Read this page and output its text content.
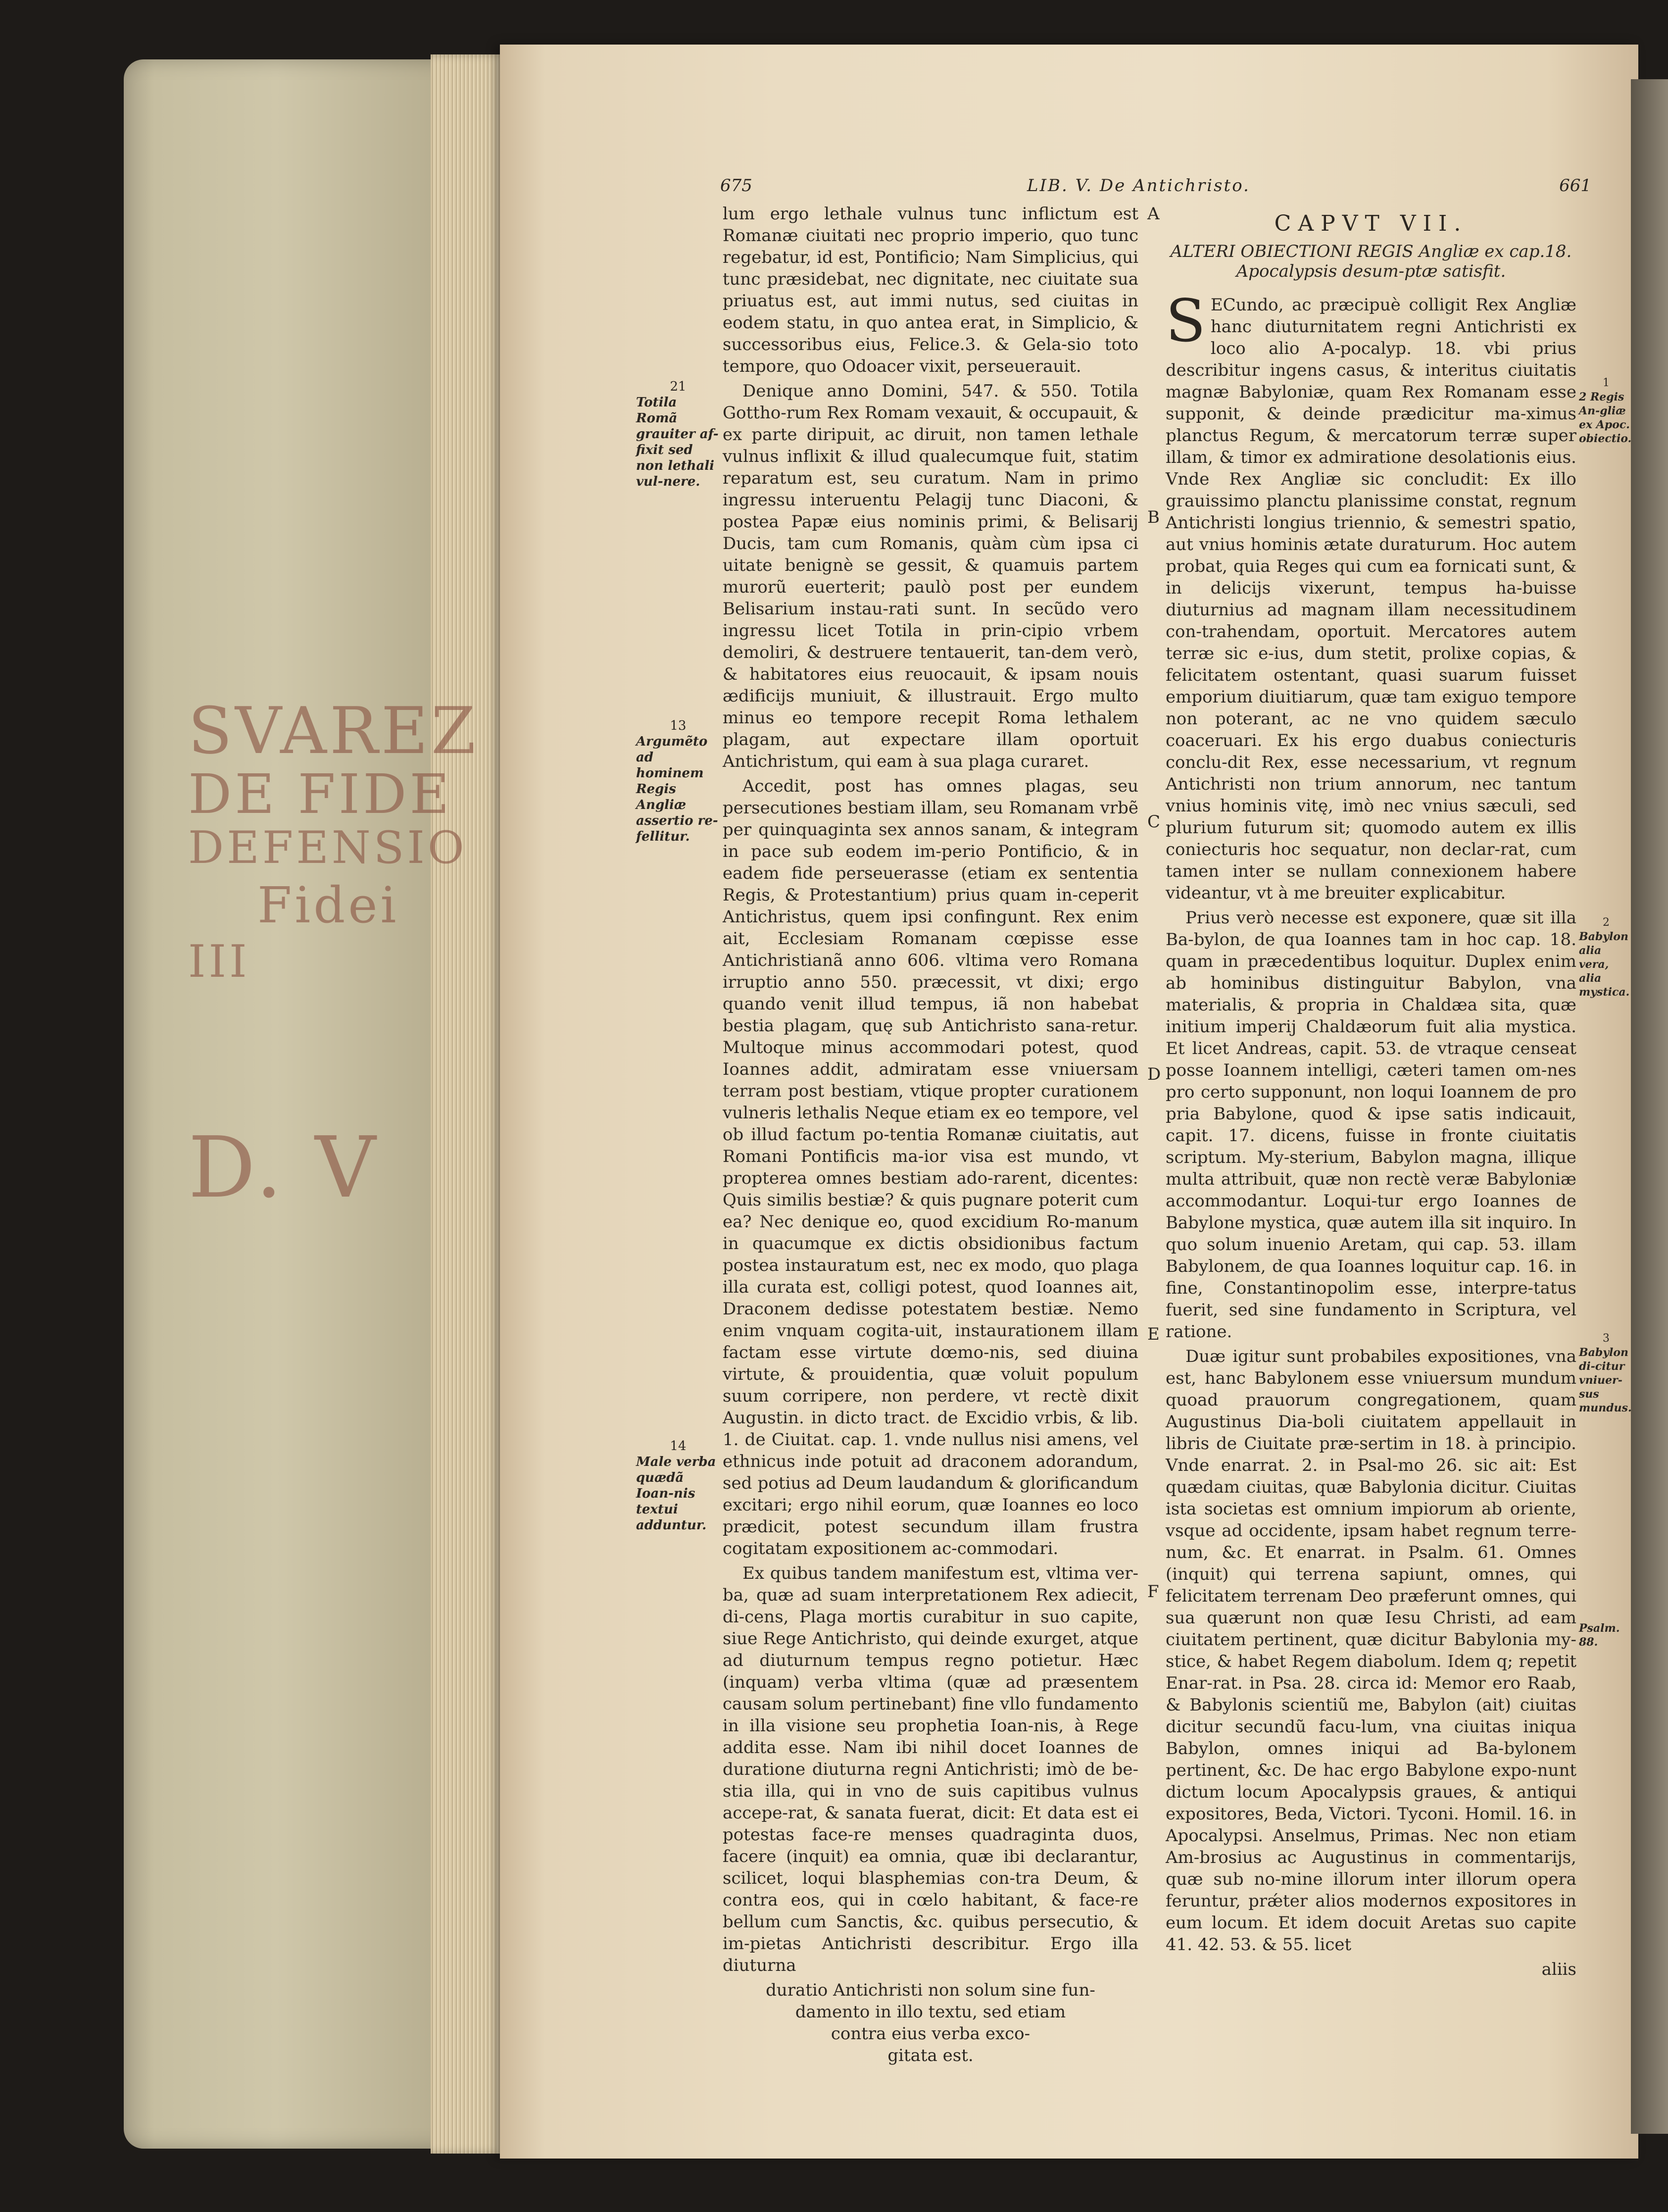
SVAREZ
DE FIDE
DEFENSIO
Fidei
III
D. V
675	LIB. V. De Antichristo.	661
A
B
C
D
E
F
21
Totila Romã grauiter af-fixit sed non lethali vul-nere.
13
Argumẽto ad hominem Regis Angliæ assertio re-fellitur.
14
Male verba quædã Ioan-nis textui adduntur.
1
2 Regis An-gliæ ex Apoc. obiectio.
2
Babylon alia vera, alia mystica.
3
Babylon di-citur vniuer-sus mundus.
Psalm. 88.

lum ergo lethale vulnus tunc inflictum est Romanæ ciuitati nec proprio imperio, quo tunc regebatur, id est, Pontificio; Nam Simplicius, qui tunc præsidebat, nec dignitate, nec ciuitate sua priuatus est, aut immi nutus, sed ciuitas in eodem statu, in quo antea erat, in Simplicio, & successoribus eius, Felice.3. & Gela-sio toto tempore, quo Odoacer vixit, perseuerauit.

Denique anno Domini, 547. & 550. Totila Gottho-rum Rex Romam vexauit, & occupauit, & ex parte diripuit, ac diruit, non tamen lethale vulnus inflixit & illud qualecumque fuit, statim reparatum est, seu curatum. Nam in primo ingressu interuentu Pelagij tunc Diaconi, & postea Papæ eius nominis primi, & Belisarij Ducis, tam cum Romanis, quàm cùm ipsa ci uitate benignè se gessit, & quamuis partem murorũ euerterit; paulò post per eundem Belisarium instau-rati sunt. In secũdo vero ingressu licet Totila in prin-cipio vrbem demoliri, & destruere tentauerit, tan-dem verò, & habitatores eius reuocauit, & ipsam nouis ædificijs muniuit, & illustrauit. Ergo multo minus eo tempore recepit Roma lethalem plagam, aut expectare illam oportuit Antichristum, qui eam à sua plaga curaret.

Accedit, post has omnes plagas, seu persecutiones bestiam illam, seu Romanam vrbẽ per quinquaginta sex annos sanam, & integram in pace sub eodem im-perio Pontificio, & in eadem fide perseuerasse (etiam ex sententia Regis, & Protestantium) prius quam in-ceperit Antichristus, quem ipsi confingunt. Rex enim ait, Ecclesiam Romanam cœpisse esse Antichristianã anno 606. vltima vero Romana irruptio anno 550. præcessit, vt dixi; ergo quando venit illud tempus, iã non habebat bestia plagam, quę sub Antichristo sana-retur. Multoque minus accommodari potest, quod Ioannes addit, admiratam esse vniuersam terram post bestiam, vtique propter curationem vulneris lethalis Neque etiam ex eo tempore, vel ob illud factum po-tentia Romanæ ciuitatis, aut Romani Pontificis ma-ior visa est mundo, vt propterea omnes bestiam ado-rarent, dicentes: Quis similis bestiæ? & quis pugnare poterit cum ea? Nec denique eo, quod excidium Ro-manum in quacumque ex dictis obsidionibus factum postea instauratum est, nec ex modo, quo plaga illa curata est, colligi potest, quod Ioannes ait, Draconem dedisse potestatem bestiæ. Nemo enim vnquam cogita-uit, instaurationem illam factam esse virtute dœmo-nis, sed diuina virtute, & prouidentia, quæ voluit populum suum corripere, non perdere, vt rectè dixit Augustin. in dicto tract. de Excidio vrbis, & lib. 1. de Ciuitat. cap. 1. vnde nullus nisi amens, vel ethnicus inde potuit ad draconem adorandum, sed potius ad Deum laudandum & glorificandum excitari; ergo nihil eorum, quæ Ioannes eo loco prædicit, potest secundum illam frustra cogitatam expositionem ac-commodari.

Ex quibus tandem manifestum est, vltima ver-ba, quæ ad suam interpretationem Rex adiecit, di-cens, Plaga mortis curabitur in suo capite, siue Rege Antichristo, qui deinde exurget, atque ad diuturnum tempus regno potietur. Hæc (inquam) verba vltima (quæ ad præsentem causam solum pertinebant) fine vllo fundamento in illa visione seu prophetia Ioan-nis, à Rege addita esse. Nam ibi nihil docet Ioannes de duratione diuturna regni Antichristi; imò de be-stia illa, qui in vno de suis capitibus vulnus accepe-rat, & sanata fuerat, dicit: Et data est ei potestas face-re menses quadraginta duos, facere (inquit) ea omnia, quæ ibi declarantur, scilicet, loqui blasphemias con-tra Deum, & contra eos, qui in cœlo habitant, & face-re bellum cum Sanctis, &c. quibus persecutio, & im-pietas Antichristi describitur. Ergo illa diuturna

duratio Antichristi non solum sine fun-
damento in illo textu, sed etiam
contra eius verba exco-
gitata est.
CAPVT VII.
ALTERI OBIECTIONI REGIS Angliæ ex cap.18. Apocalypsis desum-ptæ satisfit.

S ECundo, ac præcipuè colligit Rex Angliæ hanc diuturnitatem regni Antichristi ex loco alio A-pocalyp. 18. vbi prius describitur ingens casus, & interitus ciuitatis magnæ Babyloniæ, quam Rex Romanam esse supponit, & deinde prædicitur ma-ximus planctus Regum, & mercatorum terræ super illam, & timor ex admiratione desolationis eius. Vnde Rex Angliæ sic concludit: Ex illo grauissimo planctu planissime constat, regnum Antichristi longius triennio, & semestri spatio, aut vnius hominis ætate duraturum. Hoc autem probat, quia Reges qui cum ea fornicati sunt, & in delicijs vixerunt, tempus ha-buisse diuturnius ad magnam illam necessitudinem con-trahendam, oportuit. Mercatores autem terræ sic e-ius, dum stetit, prolixe copias, & felicitatem ostentant, quasi suarum fuisset emporium diuitiarum, quæ tam exiguo tempore non poterant, ac ne vno quidem sæculo coaceruari. Ex his ergo duabus coniecturis conclu-dit Rex, esse necessarium, vt regnum Antichristi non trium annorum, nec tantum vnius hominis vitę, imò nec vnius sæculi, sed plurium futurum sit; quomodo autem ex illis coniecturis hoc sequatur, non declar-rat, cum tamen inter se nullam connexionem habere videantur, vt à me breuiter explicabitur.

Prius verò necesse est exponere, quæ sit illa Ba-bylon, de qua Ioannes tam in hoc cap. 18. quam in præcedentibus loquitur. Duplex enim ab hominibus distinguitur Babylon, vna materialis, & propria in Chaldæa sita, quæ initium imperij Chaldæorum fuit alia mystica. Et licet Andreas, capit. 53. de vtraque censeat posse Ioannem intelligi, cæteri tamen om-nes pro certo supponunt, non loqui Ioannem de pro pria Babylone, quod & ipse satis indicauit, capit. 17. dicens, fuisse in fronte ciuitatis scriptum. My-sterium, Babylon magna, illique multa attribuit, quæ non rectè veræ Babyloniæ accommodantur. Loqui-tur ergo Ioannes de Babylone mystica, quæ autem illa sit inquiro. In quo solum inuenio Aretam, qui cap. 53. illam Babylonem, de qua Ioannes loquitur cap. 16. in fine, Constantinopolim esse, interpre-tatus fuerit, sed sine fundamento in Scriptura, vel ratione.

Duæ igitur sunt probabiles expositiones, vna est, hanc Babylonem esse vniuersum mundum quoad prauorum congregationem, quam Augustinus Dia-boli ciuitatem appellauit in libris de Ciuitate præ-sertim in 18. à principio. Vnde enarrat. 2. in Psal-mo 26. sic ait: Est quædam ciuitas, quæ Babylonia dicitur. Ciuitas ista societas est omnium impiorum ab oriente, vsque ad occidente, ipsam habet regnum terre-num, &c. Et enarrat. in Psalm. 61. Omnes (inquit) qui terrena sapiunt, omnes, qui felicitatem terrenam Deo præferunt omnes, qui sua quærunt non quæ Iesu Christi, ad eam ciuitatem pertinent, quæ dicitur Babylonia my-stice, & habet Regem diabolum. Idem q; repetit Enar-rat. in Psa. 28. circa id: Memor ero Raab, & Babylonis scientiũ me, Babylon (ait) ciuitas dicitur secundũ facu-lum, vna ciuitas iniqua Babylon, omnes iniqui ad Ba-bylonem pertinent, &c. De hac ergo Babylone expo-nunt dictum locum Apocalypsis graues, & antiqui expositores, Beda, Victori. Tyconi. Homil. 16. in Apocalypsi. Anselmus, Primas. Nec non etiam Am-brosius ac Augustinus in commentarijs, quæ sub no-mine illorum inter illorum opera feruntur, prǽter alios modernos expositores in eum locum. Et idem docuit Aretas suo capite 41. 42. 53. & 55. licet

aliis
